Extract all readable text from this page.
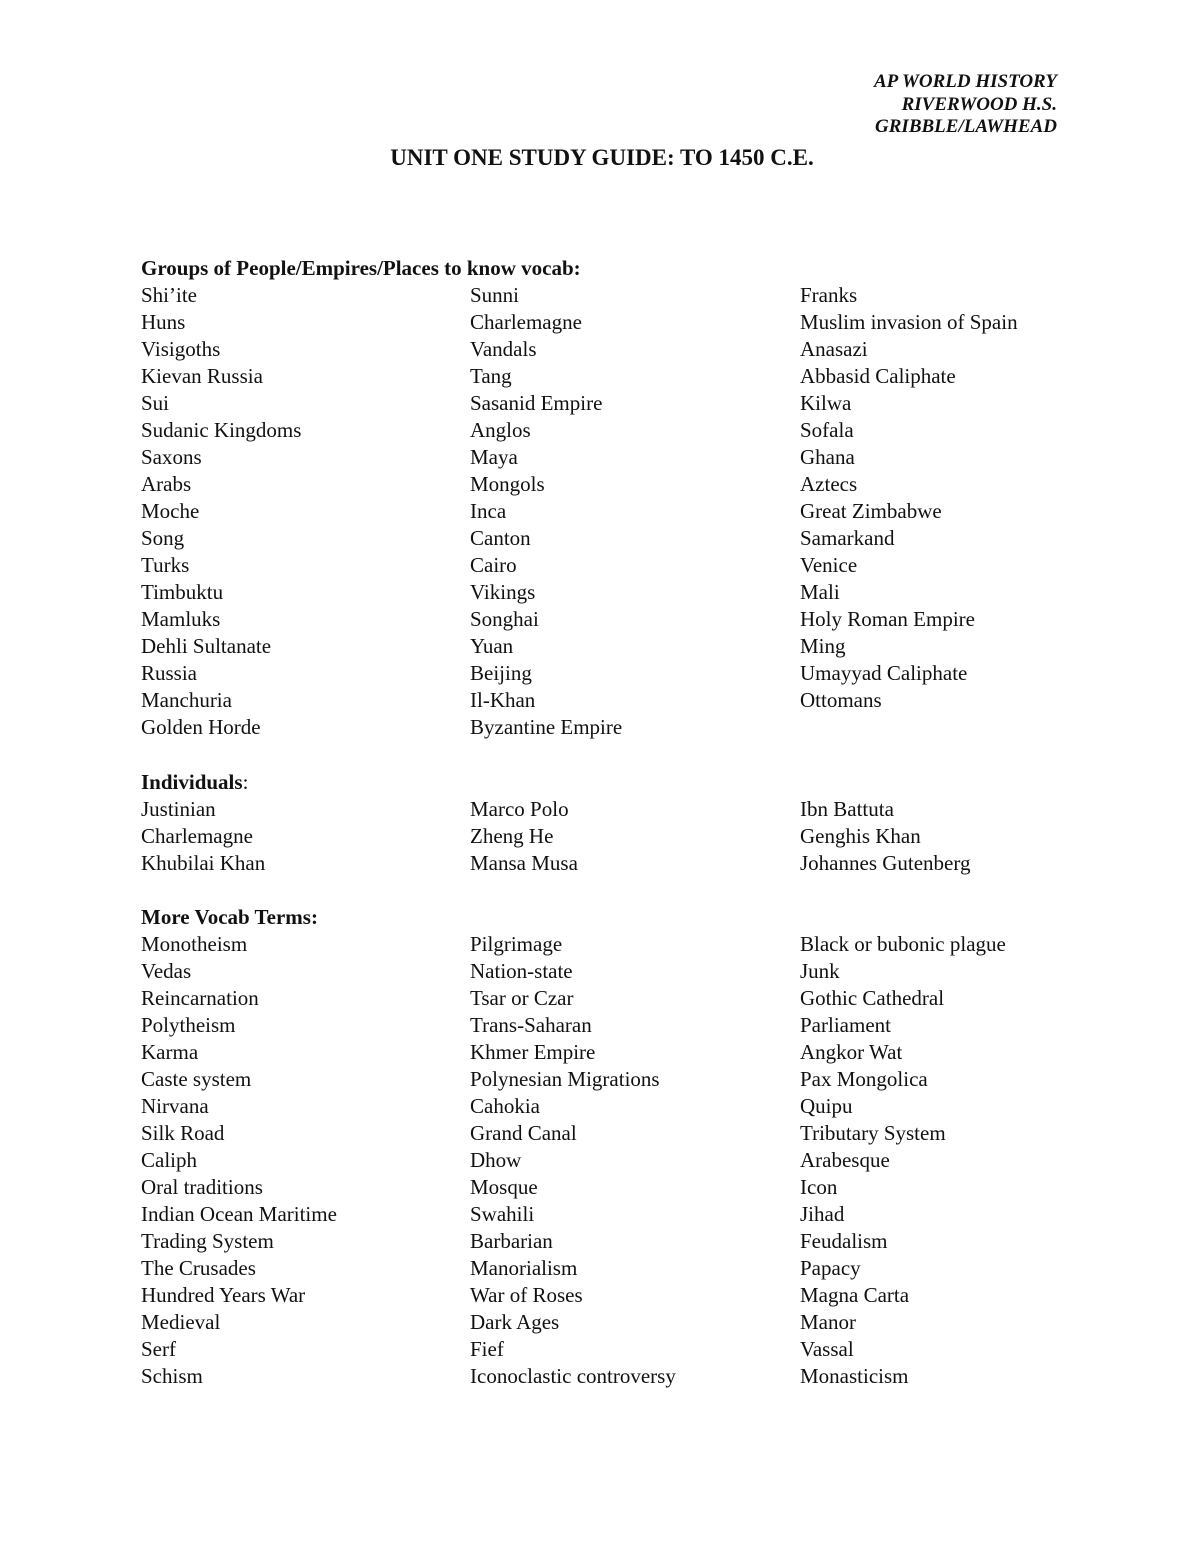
AP WORLD HISTORY
RIVERWOOD H.S.
GRIBBLE/LAWHEAD
UNIT ONE STUDY GUIDE: TO 1450 C.E.
Groups of People/Empires/Places to know vocab:
Shi’ite	Sunni	Franks
Huns	Charlemagne	Muslim invasion of Spain
Visigoths	Vandals	Anasazi
Kievan Russia	Tang	Abbasid Caliphate
Sui	Sasanid Empire	Kilwa
Sudanic Kingdoms	Anglos	Sofala
Saxons	Maya	Ghana
Arabs	Mongols	Aztecs
Moche	Inca	Great Zimbabwe
Song	Canton	Samarkand
Turks	Cairo	Venice
Timbuktu	Vikings	Mali
Mamluks	Songhai	Holy Roman Empire
Dehli Sultanate	Yuan	Ming
Russia	Beijing	Umayyad Caliphate
Manchuria	Il-Khan	Ottomans
Golden Horde	Byzantine Empire
Individuals:
Justinian	Marco Polo	Ibn Battuta
Charlemagne	Zheng He	Genghis Khan
Khubilai Khan	Mansa Musa	Johannes Gutenberg
More Vocab Terms:
Monotheism	Pilgrimage	Black or bubonic plague
Vedas	Nation-state	Junk
Reincarnation	Tsar or Czar	Gothic Cathedral
Polytheism	Trans-Saharan	Parliament
Karma	Khmer Empire	Angkor Wat
Caste system	Polynesian Migrations	Pax Mongolica
Nirvana	Cahokia	Quipu
Silk Road	Grand Canal	Tributary System
Caliph	Dhow	Arabesque
Oral traditions	Mosque	Icon
Indian Ocean Maritime	Swahili	Jihad
Trading System	Barbarian	Feudalism
The Crusades	Manorialism	Papacy
Hundred Years War	War of Roses	Magna Carta
Medieval	Dark Ages	Manor
Serf	Fief	Vassal
Schism	Iconoclastic controversy	Monasticism
